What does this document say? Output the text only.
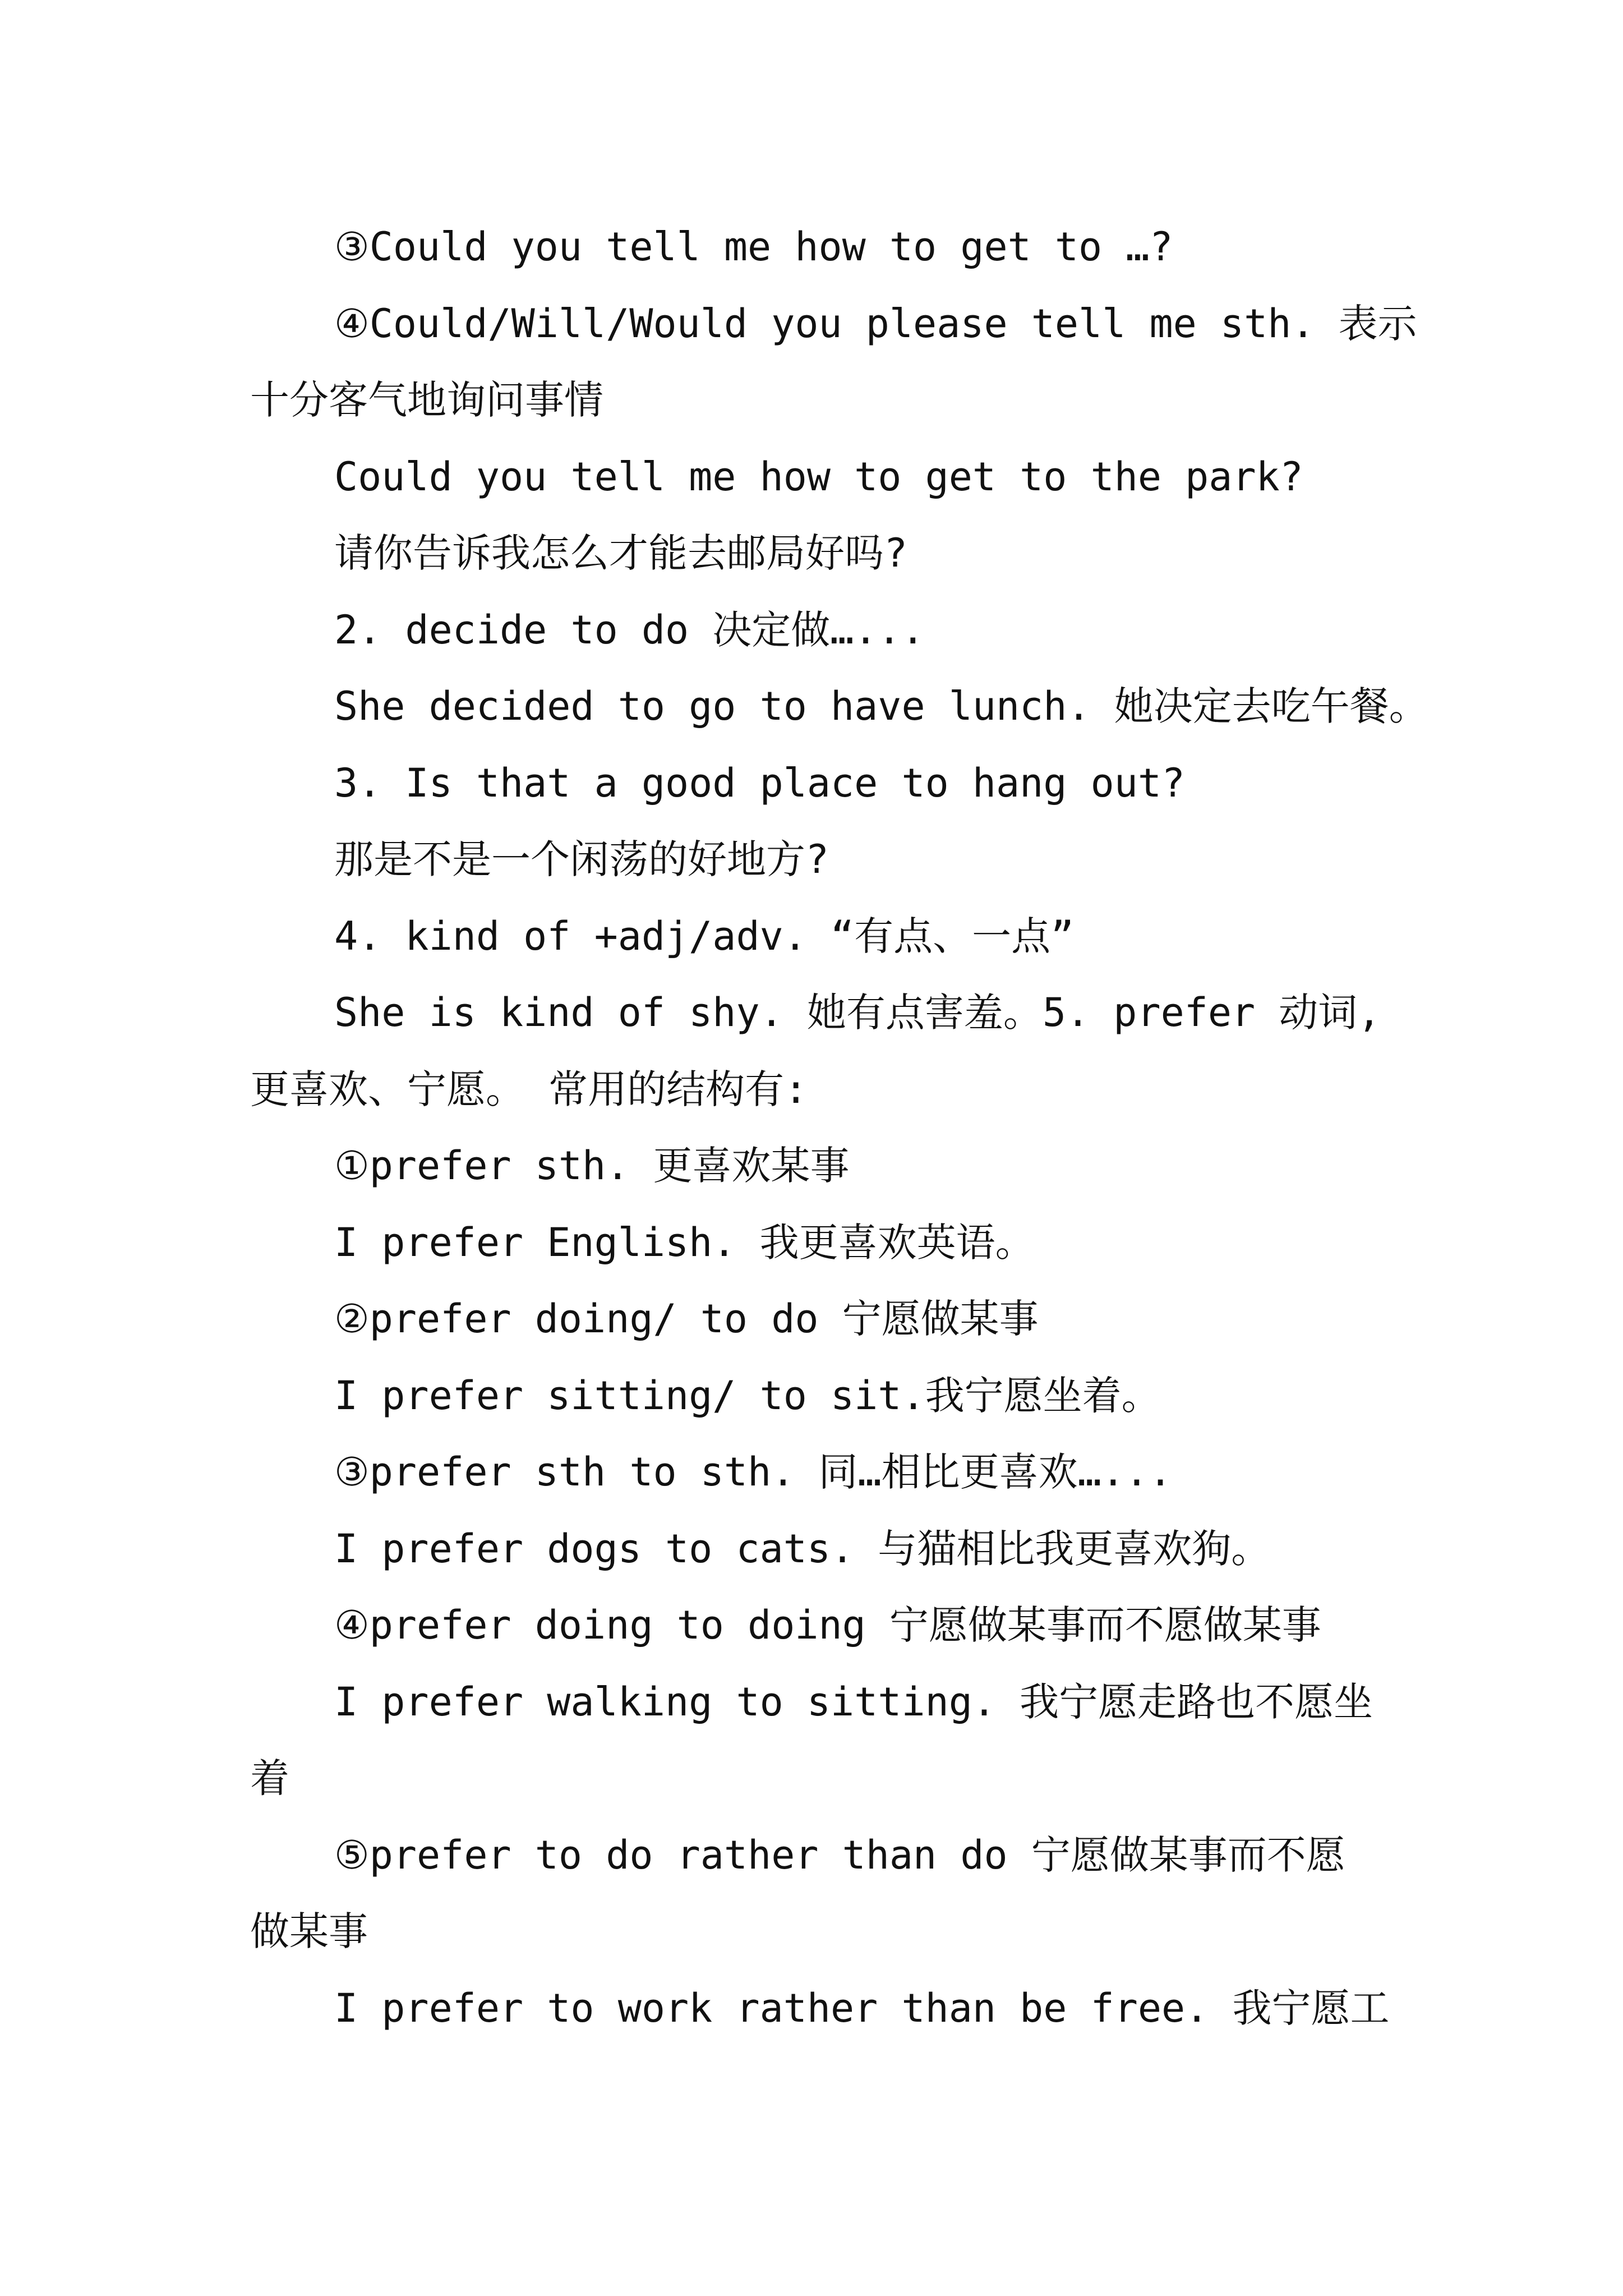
③Could you tell me how to get to …?
④Could/Will/Would you please tell me sth. 表示
十分客气地询问事情
Could you tell me how to get to the park?
请你告诉我怎么才能去邮局好吗?
2. decide to do 决定做…...
She decided to go to have lunch. 她决定去吃午餐。
3. Is that a good place to hang out?
那是不是一个闲荡的好地方?
4. kind of +adj/adv. “有点、一点”
She is kind of shy. 她有点害羞。5. prefer 动词,
更喜欢、宁愿。 常用的结构有:
①prefer sth. 更喜欢某事
I prefer English. 我更喜欢英语。
②prefer doing/ to do 宁愿做某事
I prefer sitting/ to sit.我宁愿坐着。
③prefer sth to sth. 同…相比更喜欢…...
I prefer dogs to cats. 与猫相比我更喜欢狗。
④prefer doing to doing 宁愿做某事而不愿做某事
I prefer walking to sitting. 我宁愿走路也不愿坐
着
⑤prefer to do rather than do 宁愿做某事而不愿
做某事
I prefer to work rather than be free. 我宁愿工
